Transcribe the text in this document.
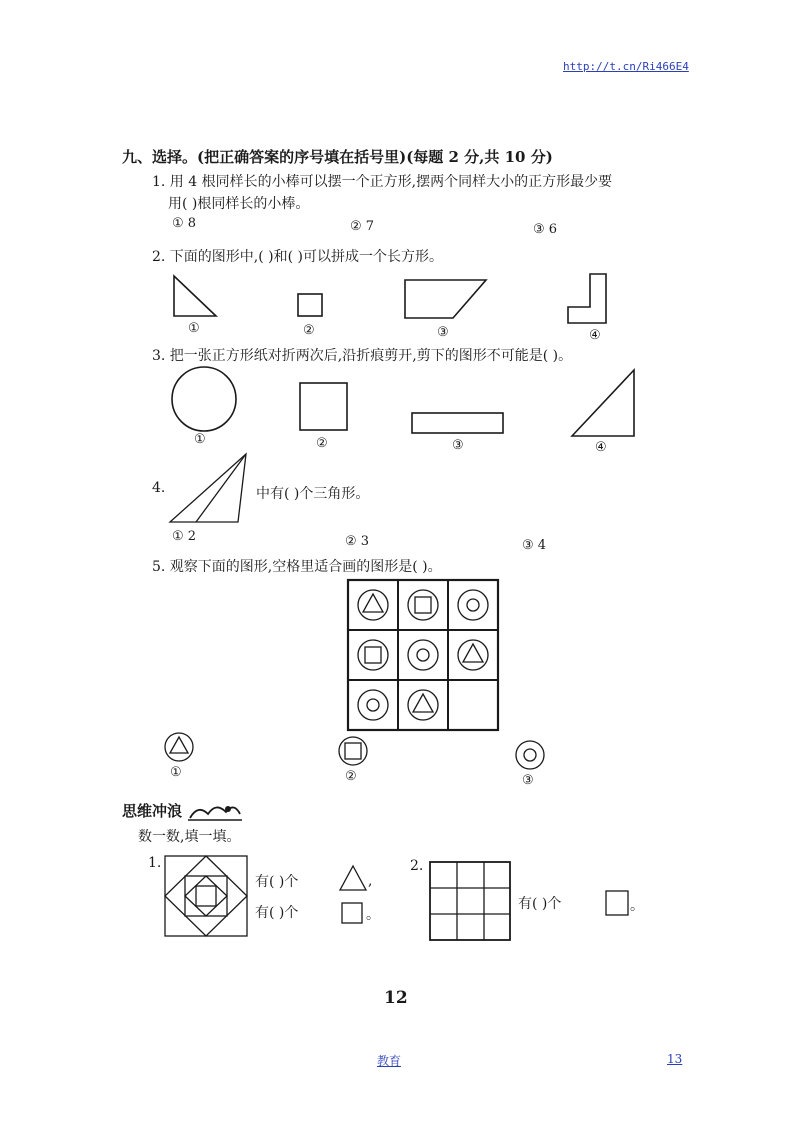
http://t.cn/Ri466E4
九、选择。(把正确答案的序号填在括号里)(每题 2 分,共 10 分)
1. 用 4 根同样长的小棒可以摆一个正方形,摆两个同样大小的正方形最少要
用( )根同样长的小棒。
① 8	② 7	③ 6
2. 下面的图形中,( )和( )可以拼成一个长方形。
①	②	③	④
3. 把一张正方形纸对折两次后,沿折痕剪开,剪下的图形不可能是( )。
①	②	③	④
4.	中有( )个三角形。
① 2	② 3	③ 4
5. 观察下面的图形,空格里适合画的图形是( )。
①	②	③
思维冲浪
数一数,填一填。
1.
有( )个	,
有( )个	。
2.
有( )个	。
12
教育	13
